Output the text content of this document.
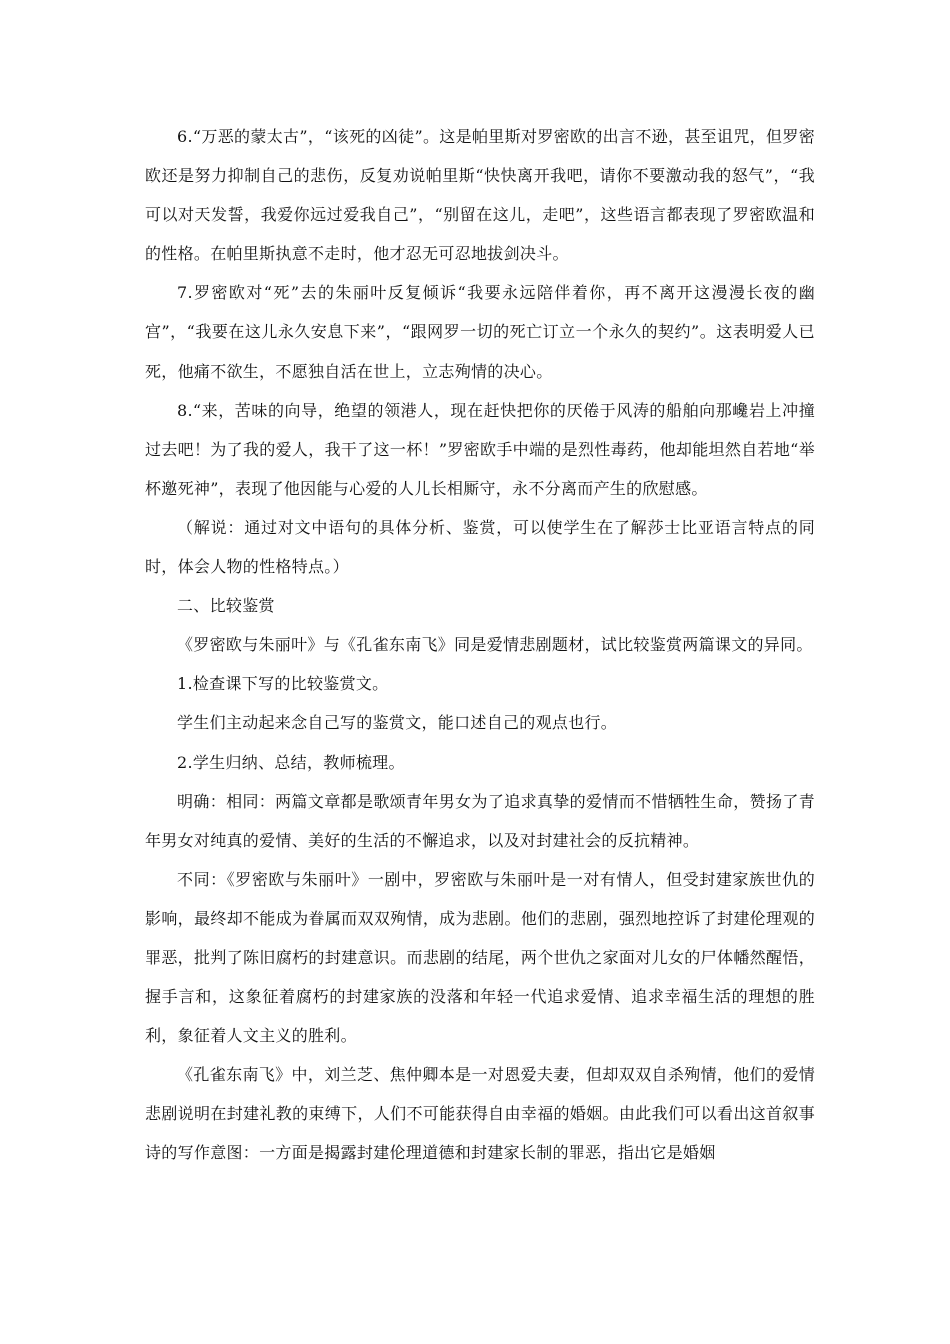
6.“万恶的蒙太古”，“该死的凶徒”。这是帕里斯对罗密欧的出言不逊，甚至诅咒，但罗密欧还是努力抑制自己的悲伤，反复劝说帕里斯“快快离开我吧，请你不要激动我的怒气”，“我可以对天发誓，我爱你远过爱我自己”，“别留在这儿，走吧”，这些语言都表现了罗密欧温和的性格。在帕里斯执意不走时，他才忍无可忍地拔剑决斗。

7.罗密欧对“死”去的朱丽叶反复倾诉“我要永远陪伴着你，再不离开这漫漫长夜的幽宫”，“我要在这儿永久安息下来”，“跟网罗一切的死亡订立一个永久的契约”。这表明爱人已死，他痛不欲生，不愿独自活在世上，立志殉情的决心。

8.“来，苦味的向导，绝望的领港人，现在赶快把你的厌倦于风涛的船舶向那巉岩上冲撞过去吧！为了我的爱人，我干了这一杯！”罗密欧手中端的是烈性毒药，他却能坦然自若地“举杯邀死神”，表现了他因能与心爱的人儿长相厮守，永不分离而产生的欣慰感。

（解说：通过对文中语句的具体分析、鉴赏，可以使学生在了解莎士比亚语言特点的同时，体会人物的性格特点。）

二、比较鉴赏

《罗密欧与朱丽叶》与《孔雀东南飞》同是爱情悲剧题材，试比较鉴赏两篇课文的异同。

1.检查课下写的比较鉴赏文。

学生们主动起来念自己写的鉴赏文，能口述自己的观点也行。

2.学生归纳、总结，教师梳理。

明确：相同：两篇文章都是歌颂青年男女为了追求真挚的爱情而不惜牺牲生命，赞扬了青年男女对纯真的爱情、美好的生活的不懈追求，以及对封建社会的反抗精神。

不同：《罗密欧与朱丽叶》一剧中，罗密欧与朱丽叶是一对有情人，但受封建家族世仇的影响，最终却不能成为眷属而双双殉情，成为悲剧。他们的悲剧，强烈地控诉了封建伦理观的罪恶，批判了陈旧腐朽的封建意识。而悲剧的结尾，两个世仇之家面对儿女的尸体幡然醒悟，握手言和，这象征着腐朽的封建家族的没落和年轻一代追求爱情、追求幸福生活的理想的胜利，象征着人文主义的胜利。

《孔雀东南飞》中，刘兰芝、焦仲卿本是一对恩爱夫妻，但却双双自杀殉情，他们的爱情悲剧说明在封建礼教的束缚下，人们不可能获得自由幸福的婚姻。由此我们可以看出这首叙事诗的写作意图：一方面是揭露封建伦理道德和封建家长制的罪恶，指出它是婚姻
